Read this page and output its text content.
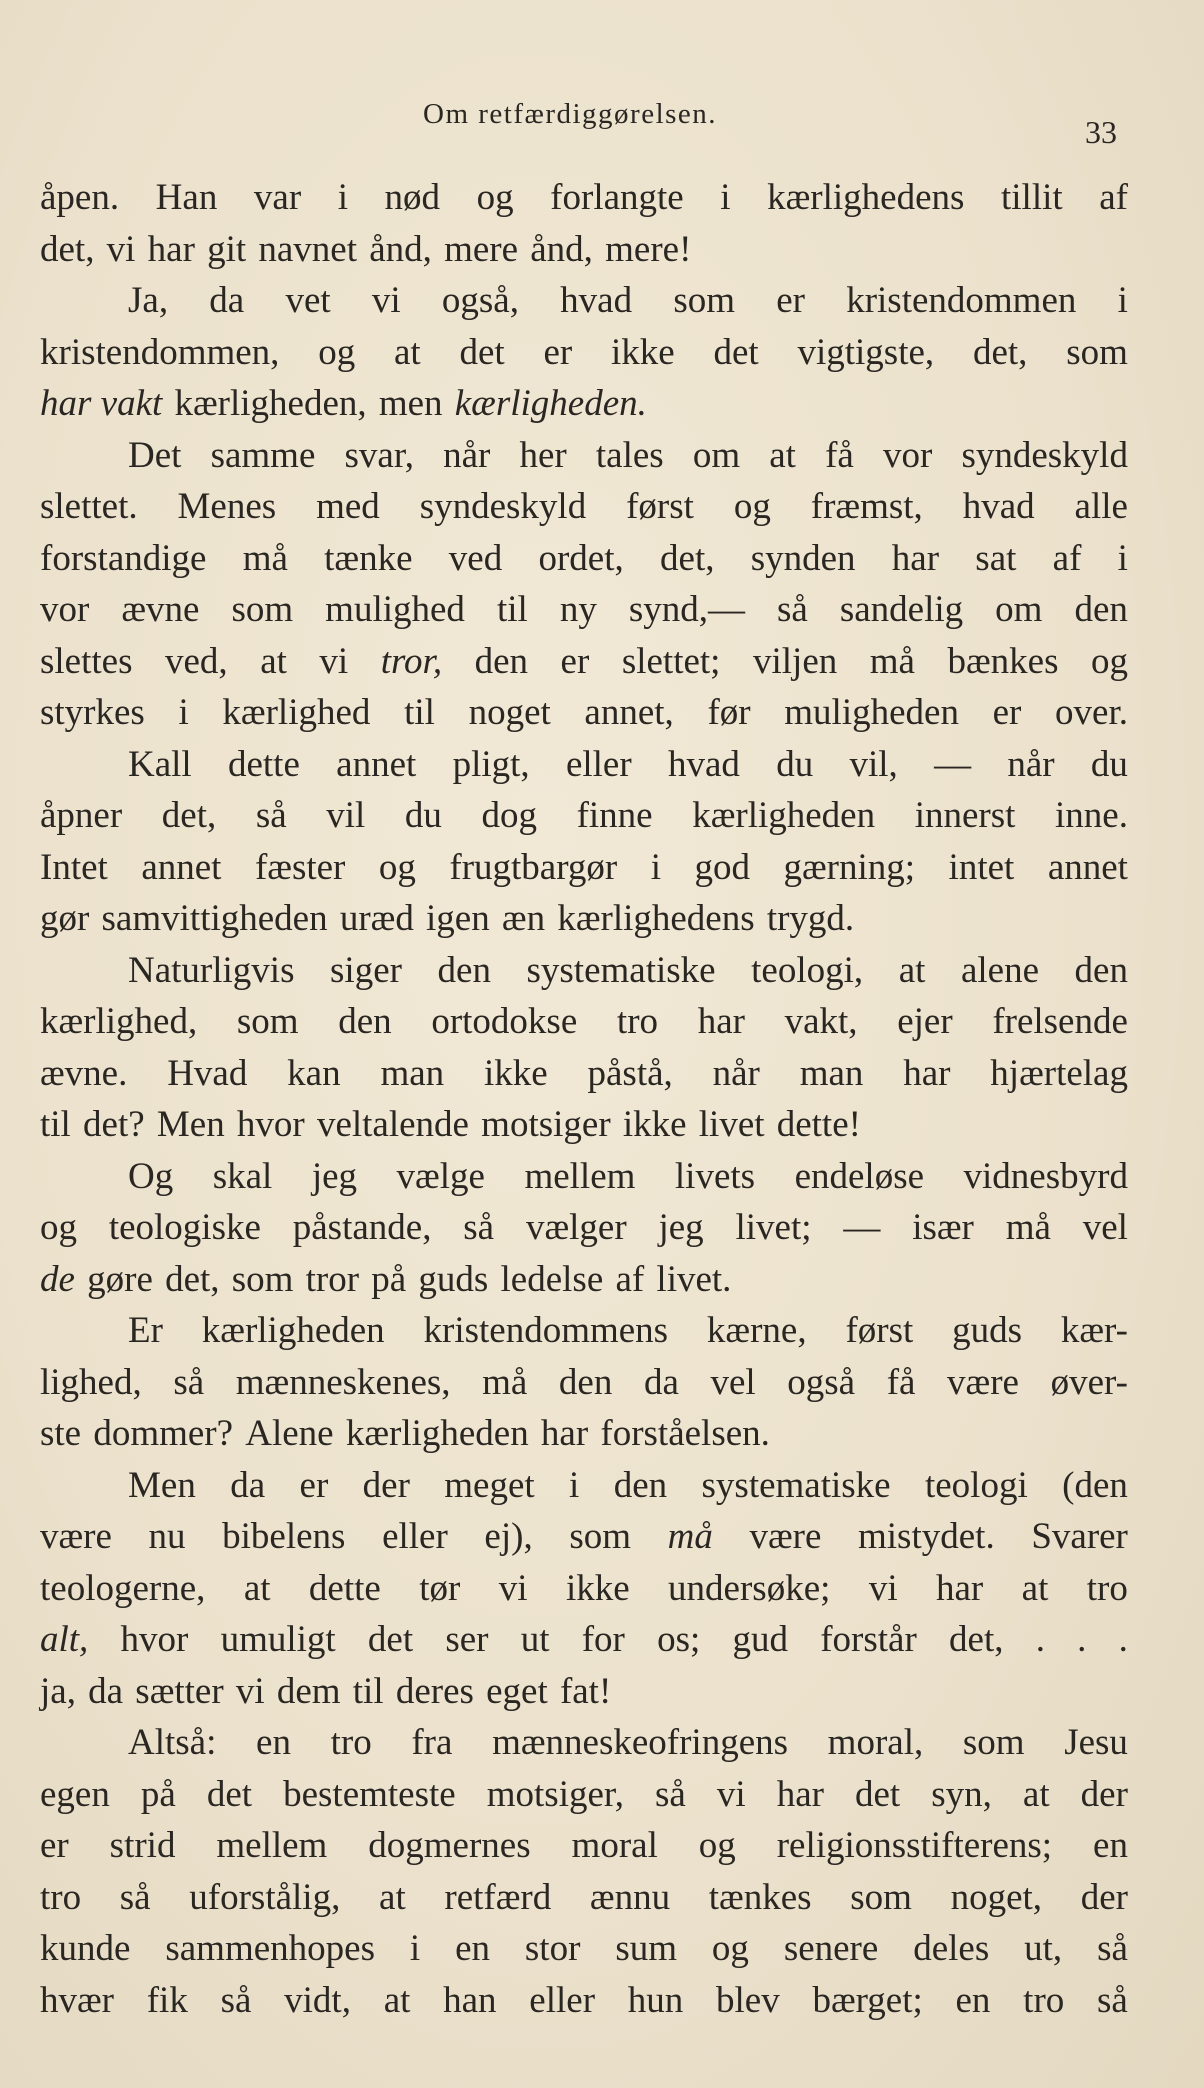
Om retfærdiggørelsen.	33
åpen. Han var i nød og forlangte i kærlighedens tillit af
det, vi har git navnet ånd, mere ånd, mere!
Ja, da vet vi også, hvad som er kristendommen i
kristendommen, og at det er ikke det vigtigste, det, som
har vakt kærligheden, men kærligheden.
Det samme svar, når her tales om at få vor syndeskyld
slettet. Menes med syndeskyld først og fræmst, hvad alle
forstandige må tænke ved ordet, det, synden har sat af i
vor ævne som mulighed til ny synd,— så sandelig om den
slettes ved, at vi tror, den er slettet; viljen må bænkes og
styrkes i kærlighed til noget annet, før muligheden er over.
Kall dette annet pligt, eller hvad du vil, — når du
åpner det, så vil du dog finne kærligheden innerst inne.
Intet annet fæster og frugtbargør i god gærning; intet annet
gør samvittigheden uræd igen æn kærlighedens trygd.
Naturligvis siger den systematiske teologi, at alene den
kærlighed, som den ortodokse tro har vakt, ejer frelsende
ævne. Hvad kan man ikke påstå, når man har hjærtelag
til det? Men hvor veltalende motsiger ikke livet dette!
Og skal jeg vælge mellem livets endeløse vidnesbyrd
og teologiske påstande, så vælger jeg livet; — især må vel
de gøre det, som tror på guds ledelse af livet.
Er kærligheden kristendommens kærne, først guds kær-
lighed, så mænneskenes, må den da vel også få være øver-
ste dommer? Alene kærligheden har forståelsen.
Men da er der meget i den systematiske teologi (den
være nu bibelens eller ej), som må være mistydet. Svarer
teologerne, at dette tør vi ikke undersøke; vi har at tro
alt, hvor umuligt det ser ut for os; gud forstår det, . . .
ja, da sætter vi dem til deres eget fat!
Altså: en tro fra mænneskeofringens moral, som Jesu
egen på det bestemteste motsiger, så vi har det syn, at der
er strid mellem dogmernes moral og religionsstifterens; en
tro så uforstålig, at retfærd ænnu tænkes som noget, der
kunde sammenhopes i en stor sum og senere deles ut, så
hvær fik så vidt, at han eller hun blev bærget; en tro så
